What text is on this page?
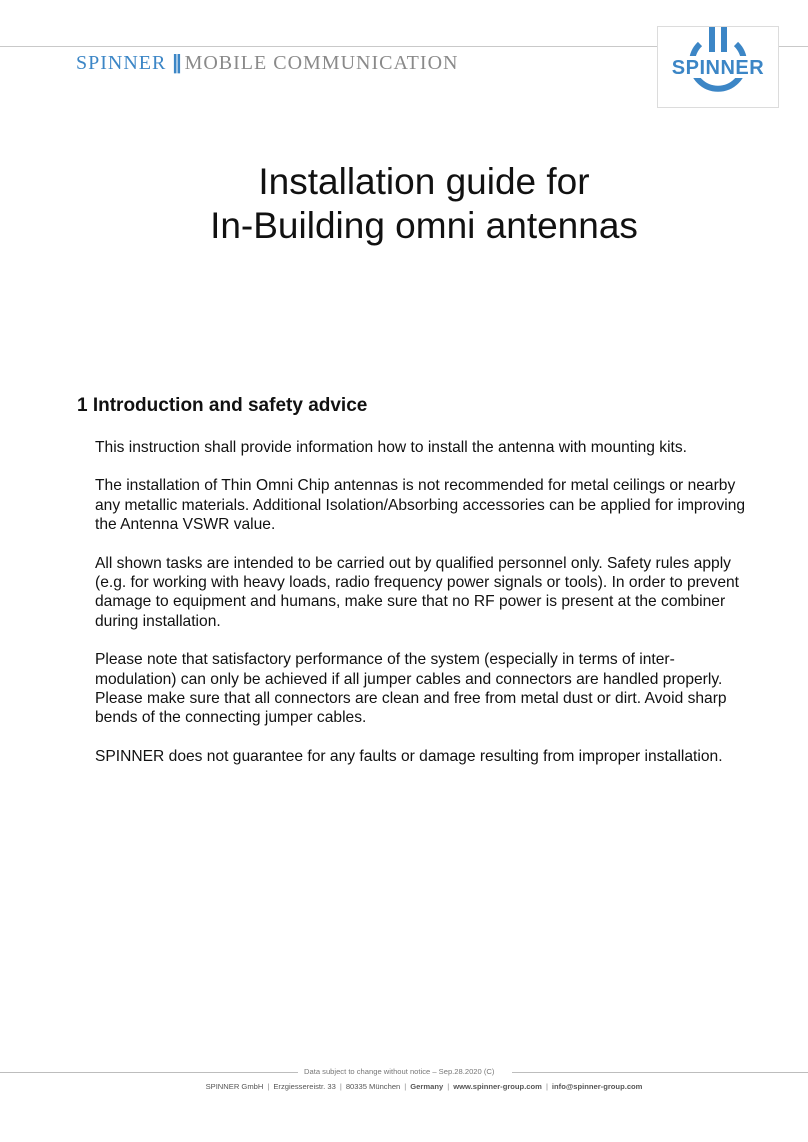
SPINNER || MOBILE COMMUNICATION	SPINNER
Installation guide for
In-Building omni antennas
1 Introduction and safety advice

This instruction shall provide information how to install the antenna with mounting kits.

The installation of Thin Omni Chip antennas is not recommended for metal ceilings or nearby any metallic materials. Additional Isolation/Absorbing accessories can be applied for improving the Antenna VSWR value.

All shown tasks are intended to be carried out by qualified personnel only. Safety rules apply (e.g. for working with heavy loads, radio frequency power signals or tools). In order to prevent damage to equipment and humans, make sure that no RF power is present at the combiner during installation.

Please note that satisfactory performance of the system (especially in terms of inter-modulation) can only be achieved if all jumper cables and connectors are handled properly. Please make sure that all connectors are clean and free from metal dust or dirt. Avoid sharp bends of the connecting jumper cables.

SPINNER does not guarantee for any faults or damage resulting from improper installation.

Data subject to change without notice – Sep.28.2020 (C)
SPINNER GmbH | Erzgiessereistr. 33 | 80335 München | Germany | www.spinner-group.com | info@spinner-group.com
